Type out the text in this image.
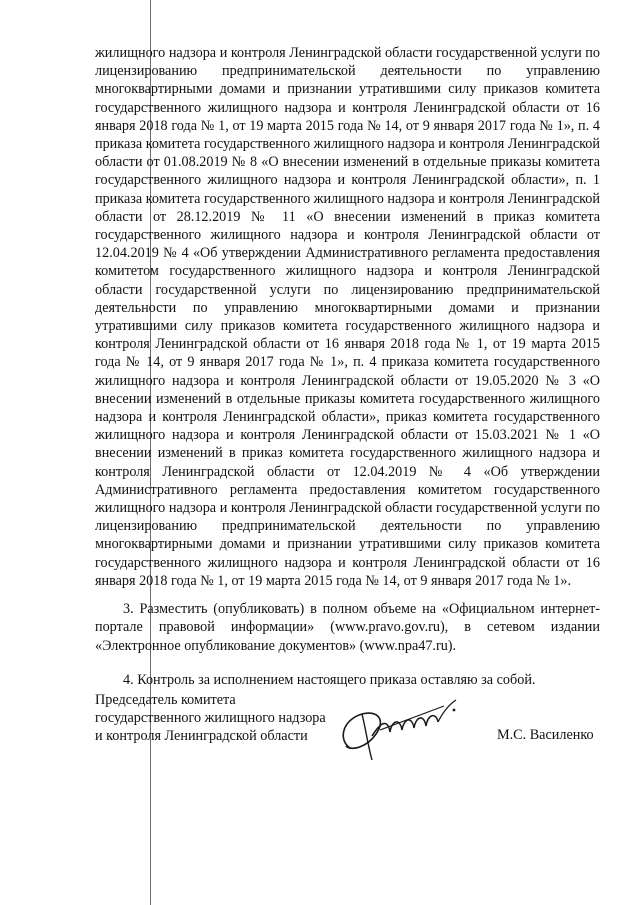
жилищного надзора и контроля Ленинградской области государственной услуги по лицензированию предпринимательской деятельности по управлению многоквартирными домами и признании утратившими силу приказов комитета государственного жилищного надзора и контроля Ленинградской области от 16 января 2018 года № 1, от 19 марта 2015 года № 14, от 9 января 2017 года № 1», п. 4 приказа комитета государственного жилищного надзора и контроля Ленинградской области от 01.08.2019 № 8 «О внесении изменений в отдельные приказы комитета государственного жилищного надзора и контроля Ленинградской области», п. 1 приказа комитета государственного жилищного надзора и контроля Ленинградской области от 28.12.2019 № 11 «О внесении изменений в приказ комитета государственного жилищного надзора и контроля Ленинградской области от 12.04.2019 № 4 «Об утверждении Административного регламента предоставления комитетом государственного жилищного надзора и контроля Ленинградской области государственной услуги по лицензированию предпринимательской деятельности по управлению многоквартирными домами и признании утратившими силу приказов комитета государственного жилищного надзора и контроля Ленинградской области от 16 января 2018 года № 1, от 19 марта 2015 года № 14, от 9 января 2017 года № 1», п. 4 приказа комитета государственного жилищного надзора и контроля Ленинградской области от 19.05.2020 № 3 «О внесении изменений в отдельные приказы комитета государственного жилищного надзора и контроля Ленинградской области», приказ комитета государственного жилищного надзора и контроля Ленинградской области от 15.03.2021 № 1 «О внесении изменений в приказ комитета государственного жилищного надзора и контроля Ленинградской области от 12.04.2019 № 4 «Об утверждении Административного регламента предоставления комитетом государственного жилищного надзора и контроля Ленинградской области государственной услуги по лицензированию предпринимательской деятельности по управлению многоквартирными домами и признании утратившими силу приказов комитета государственного жилищного надзора и контроля Ленинградской области от 16 января 2018 года № 1, от 19 марта 2015 года № 14, от 9 января 2017 года № 1».

3. Разместить (опубликовать) в полном объеме на «Официальном интернет-портале правовой информации» (www.pravo.gov.ru), в сетевом издании «Электронное опубликование документов» (www.npa47.ru).

4. Контроль за исполнением настоящего приказа оставляю за собой.

Председатель комитета
государственного жилищного надзора
и контроля Ленинградской области	М.С. Василенко
